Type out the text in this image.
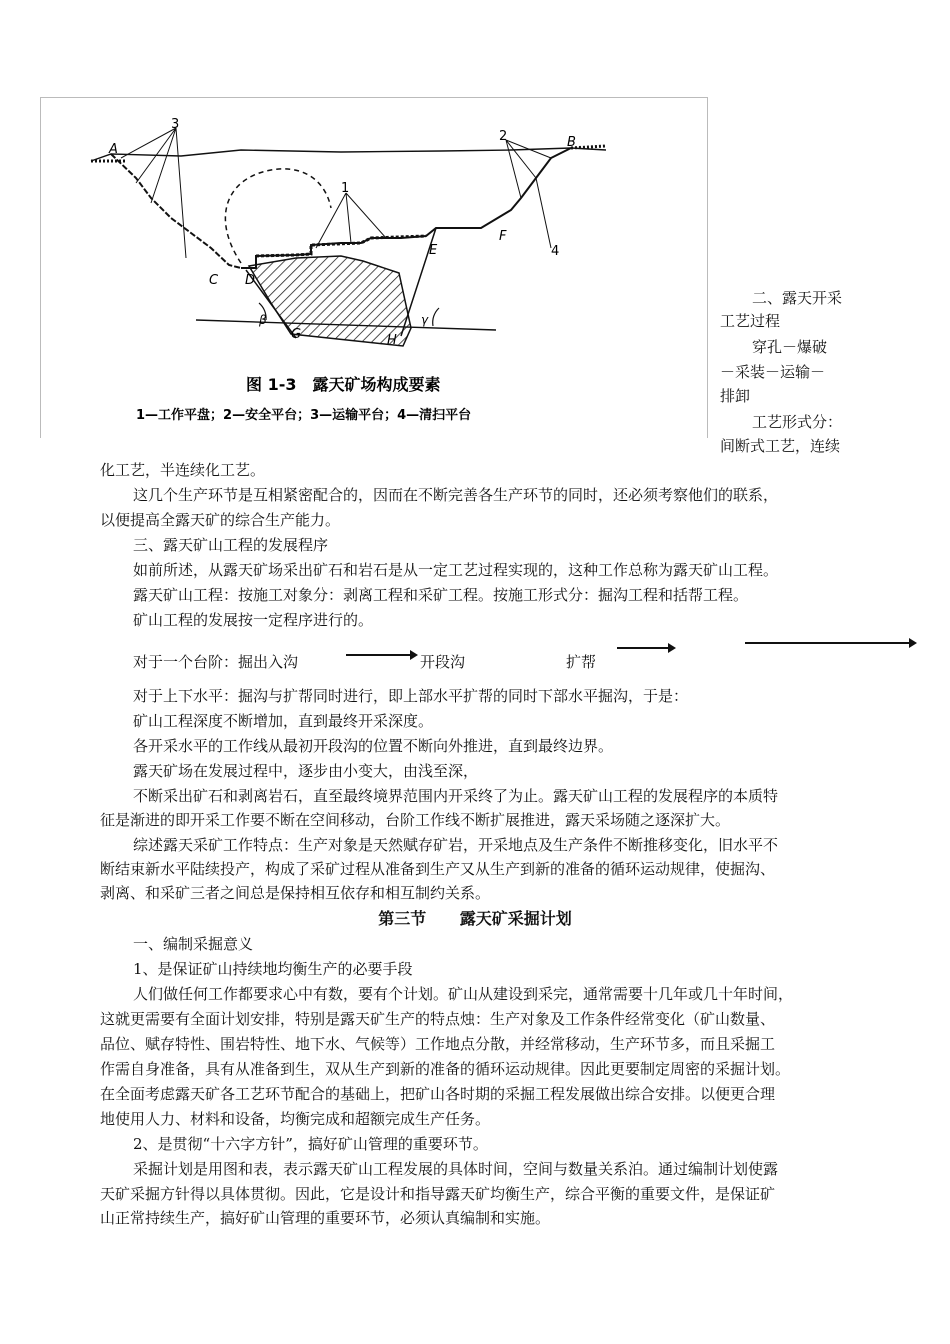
A	B
C D
E
F
G	H
1
2
3
4
β	γ
图 1-3　露天矿场构成要素
1—工作平盘；2—安全平台；3—运输平台；4—清扫平台
二、露天开采
工艺过程
穿孔－爆破
－采装－运输－
排卸
工艺形式分：
间断式工艺，连续
化工艺，半连续化工艺。
这几个生产环节是互相紧密配合的，因而在不断完善各生产环节的同时，还必须考察他们的联系，
以便提高全露天矿的综合生产能力。
三、露天矿山工程的发展程序
如前所述，从露天矿场采出矿石和岩石是从一定工艺过程实现的，这种工作总称为露天矿山工程。
露天矿山工程：按施工对象分：剥离工程和采矿工程。按施工形式分：掘沟工程和括帮工程。
矿山工程的发展按一定程序进行的。
对于一个台阶：掘出入沟	开段沟	扩帮
对于上下水平：掘沟与扩帮同时进行，即上部水平扩帮的同时下部水平掘沟，于是：
矿山工程深度不断增加，直到最终开采深度。
各开采水平的工作线从最初开段沟的位置不断向外推进，直到最终边界。
露天矿场在发展过程中，逐步由小变大，由浅至深，
不断采出矿石和剥离岩石，直至最终境界范围内开采终了为止。露天矿山工程的发展程序的本质特
征是渐进的即开采工作要不断在空间移动，台阶工作线不断扩展推进，露天采场随之逐深扩大。
综述露天采矿工作特点：生产对象是天然赋存矿岩，开采地点及生产条件不断推移变化，旧水平不
断结束新水平陆续投产，构成了采矿过程从准备到生产又从生产到新的准备的循环运动规律，使掘沟、
剥离、和采矿三者之间总是保持相互依存和相互制约关系。
第三节 露天矿采掘计划
一、编制采掘意义
1、是保证矿山持续地均衡生产的必要手段
人们做任何工作都要求心中有数，要有个计划。矿山从建设到采完，通常需要十几年或几十年时间，
这就更需要有全面计划安排，特别是露天矿生产的特点烛：生产对象及工作条件经常变化（矿山数量、
品位、赋存特性、围岩特性、地下水、气候等）工作地点分散，并经常移动，生产环节多，而且采掘工
作需自身准备，具有从准备到生，双从生产到新的准备的循环运动规律。因此更要制定周密的采掘计划。
在全面考虑露天矿各工艺环节配合的基础上，把矿山各时期的采掘工程发展做出综合安排。以便更合理
地使用人力、材料和设备，均衡完成和超额完成生产任务。
2、是贯彻“十六字方针”，搞好矿山管理的重要环节。
采掘计划是用图和表，表示露天矿山工程发展的具体时间，空间与数量关系泊。通过编制计划使露
天矿采掘方针得以具体贯彻。因此，它是设计和指导露天矿均衡生产，综合平衡的重要文件，是保证矿
山正常持续生产，搞好矿山管理的重要环节，必须认真编制和实施。
